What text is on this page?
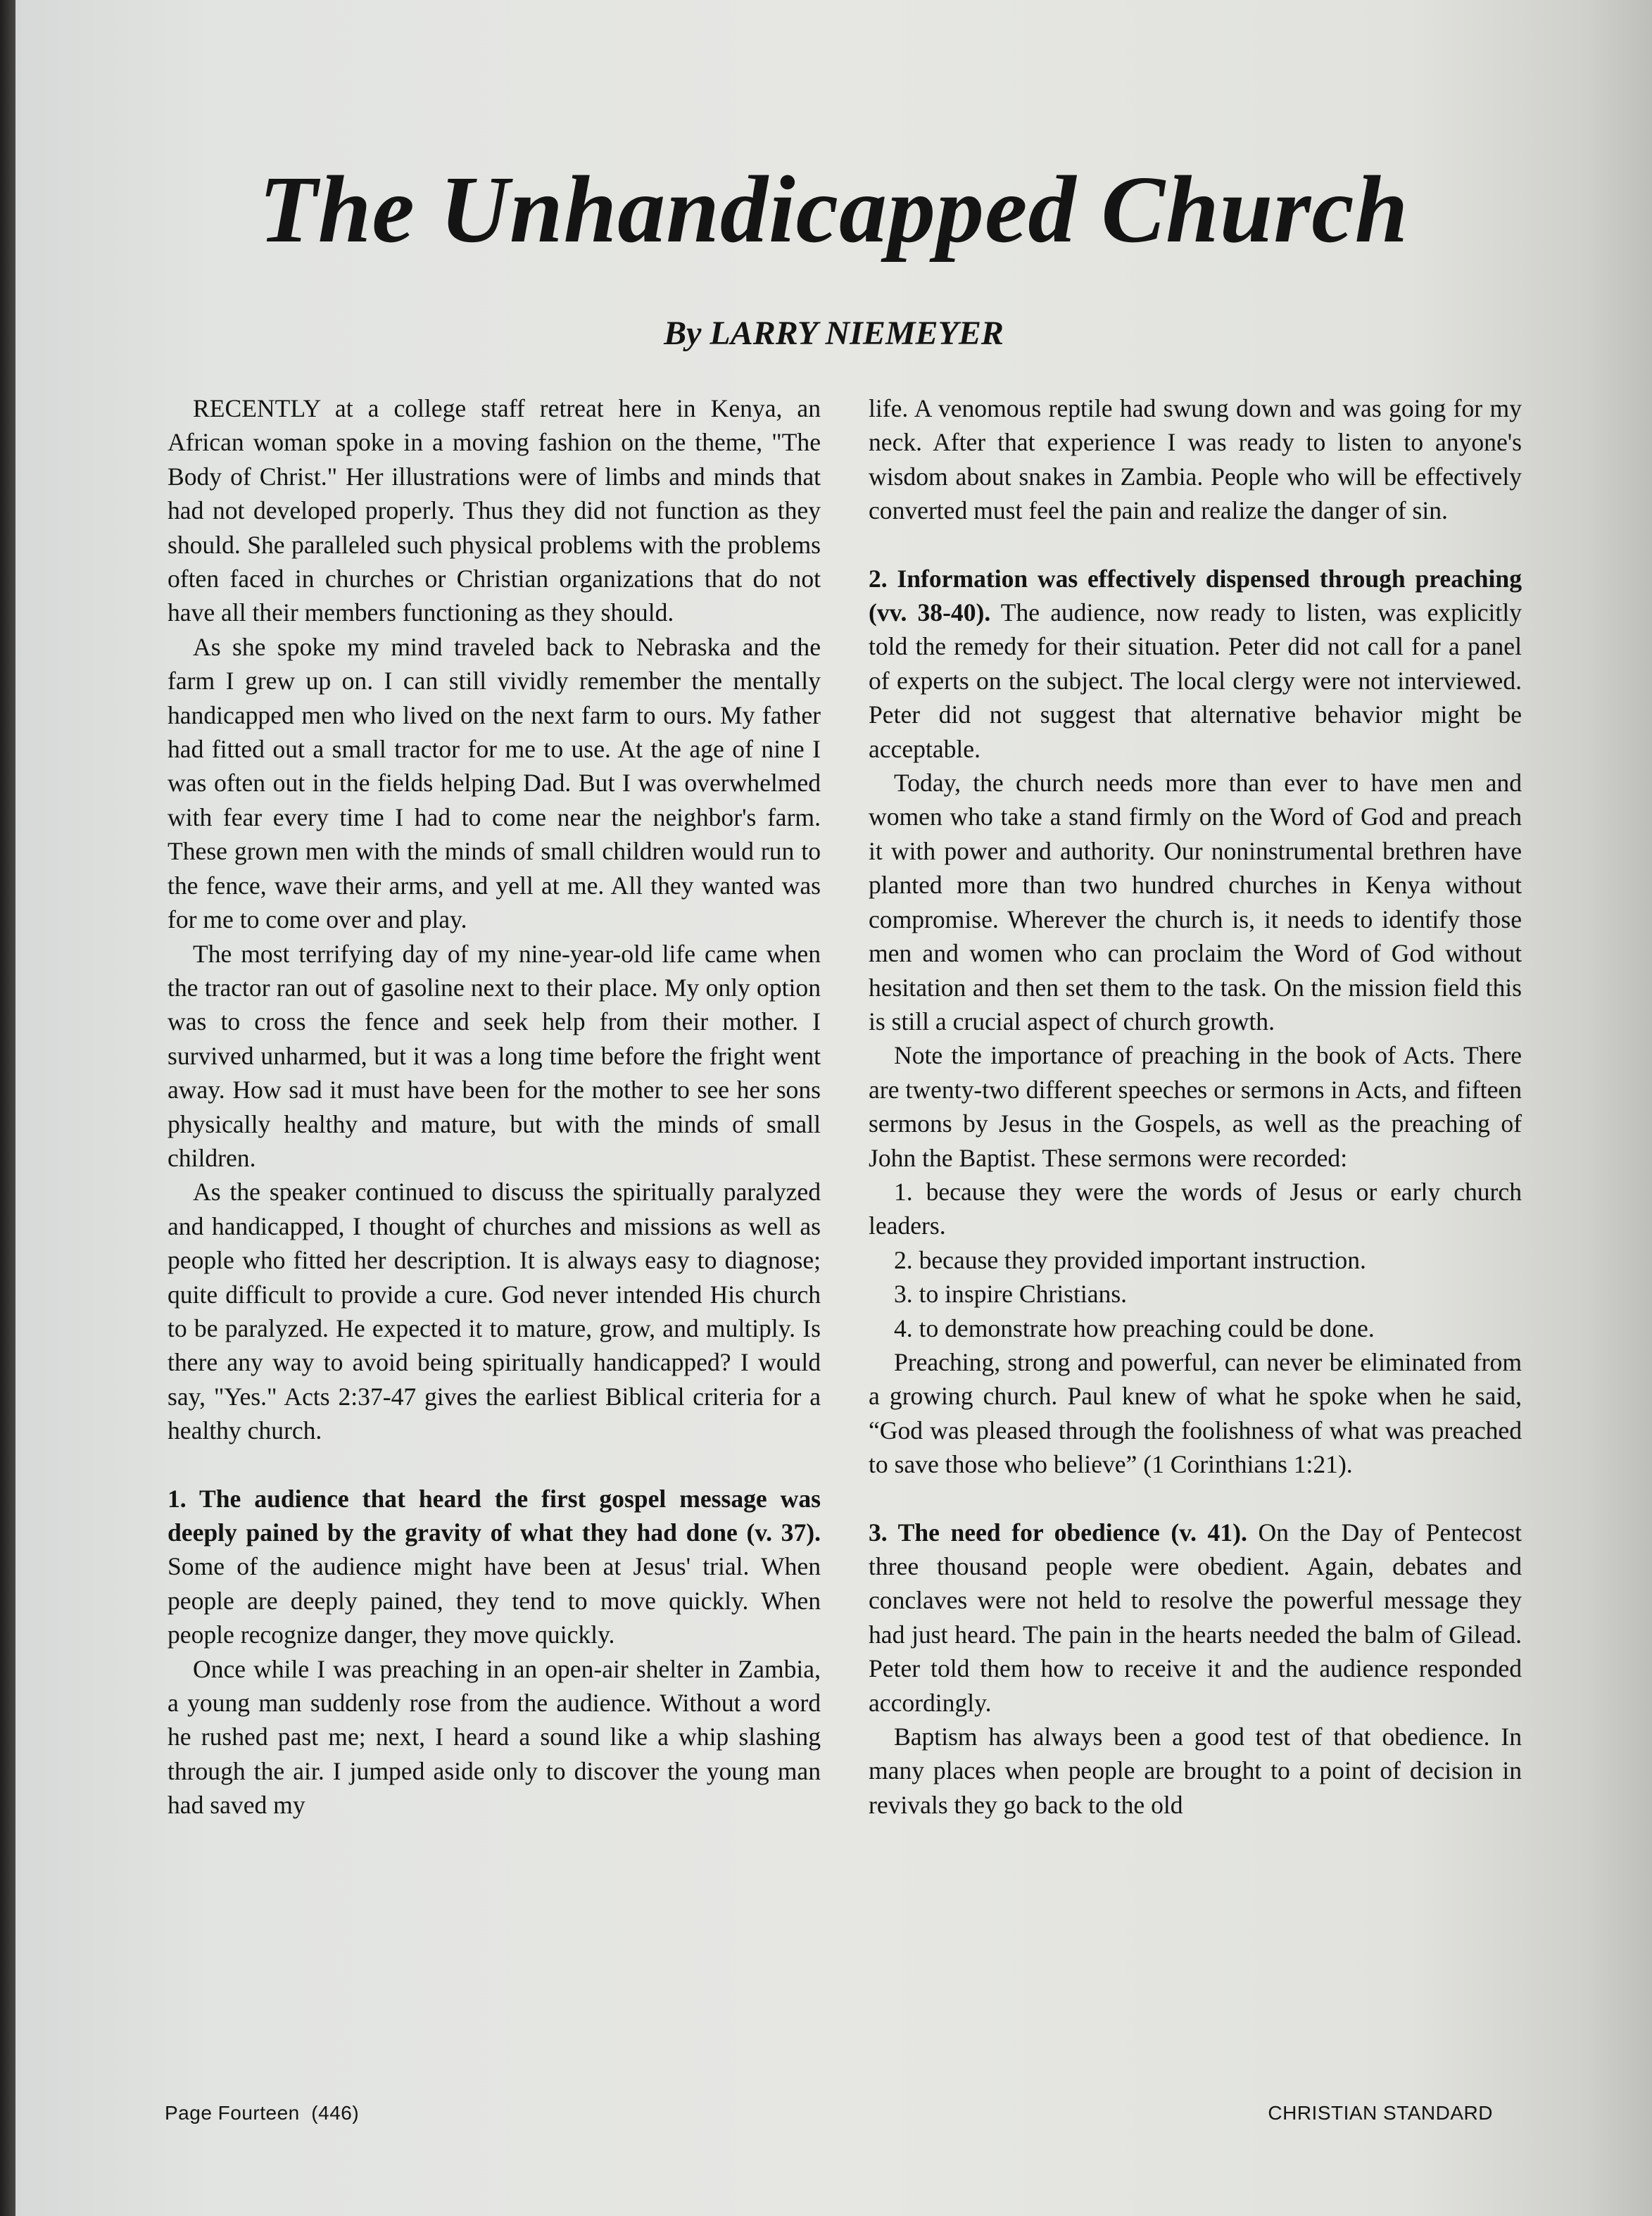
The Unhandicapped Church

By LARRY NIEMEYER

RECENTLY at a college staff retreat here in Kenya, an African woman spoke in a moving fashion on the theme, "The Body of Christ." Her illustrations were of limbs and minds that had not developed properly. Thus they did not function as they should. She paralleled such physical problems with the problems often faced in churches or Christian organizations that do not have all their members functioning as they should.

As she spoke my mind traveled back to Nebraska and the farm I grew up on. I can still vividly remember the mentally handicapped men who lived on the next farm to ours. My father had fitted out a small tractor for me to use. At the age of nine I was often out in the fields helping Dad. But I was overwhelmed with fear every time I had to come near the neighbor's farm. These grown men with the minds of small children would run to the fence, wave their arms, and yell at me. All they wanted was for me to come over and play.

The most terrifying day of my nine-year-old life came when the tractor ran out of gasoline next to their place. My only option was to cross the fence and seek help from their mother. I survived unharmed, but it was a long time before the fright went away. How sad it must have been for the mother to see her sons physically healthy and mature, but with the minds of small children.

As the speaker continued to discuss the spiritually paralyzed and handicapped, I thought of churches and missions as well as people who fitted her description. It is always easy to diagnose; quite difficult to provide a cure. God never intended His church to be paralyzed. He expected it to mature, grow, and multiply. Is there any way to avoid being spiritually handicapped? I would say, "Yes." Acts 2:37-47 gives the earliest Biblical criteria for a healthy church.

1. The audience that heard the first gospel message was deeply pained by the gravity of what they had done (v. 37). Some of the audience might have been at Jesus' trial. When people are deeply pained, they tend to move quickly. When people recognize danger, they move quickly.

Once while I was preaching in an open-air shelter in Zambia, a young man suddenly rose from the audience. Without a word he rushed past me; next, I heard a sound like a whip slashing through the air. I jumped aside only to discover the young man had saved my

life. A venomous reptile had swung down and was going for my neck. After that experience I was ready to listen to anyone's wisdom about snakes in Zambia. People who will be effectively converted must feel the pain and realize the danger of sin.

2. Information was effectively dispensed through preaching (vv. 38-40). The audience, now ready to listen, was explicitly told the remedy for their situation. Peter did not call for a panel of experts on the subject. The local clergy were not interviewed. Peter did not suggest that alternative behavior might be acceptable.

Today, the church needs more than ever to have men and women who take a stand firmly on the Word of God and preach it with power and authority. Our noninstrumental brethren have planted more than two hundred churches in Kenya without compromise. Wherever the church is, it needs to identify those men and women who can proclaim the Word of God without hesitation and then set them to the task. On the mission field this is still a crucial aspect of church growth.

Note the importance of preaching in the book of Acts. There are twenty-two different speeches or sermons in Acts, and fifteen sermons by Jesus in the Gospels, as well as the preaching of John the Baptist. These sermons were recorded:

1. because they were the words of Jesus or early church leaders.

2. because they provided important instruction.

3. to inspire Christians.

4. to demonstrate how preaching could be done.

Preaching, strong and powerful, can never be eliminated from a growing church. Paul knew of what he spoke when he said, “God was pleased through the foolishness of what was preached to save those who believe” (1 Corinthians 1:21).

3. The need for obedience (v. 41). On the Day of Pentecost three thousand people were obedient. Again, debates and conclaves were not held to resolve the powerful message they had just heard. The pain in the hearts needed the balm of Gilead. Peter told them how to receive it and the audience responded accordingly.

Baptism has always been a good test of that obedience. In many places when people are brought to a point of decision in revivals they go back to the old

Page Fourteen  (446)	CHRISTIAN STANDARD
